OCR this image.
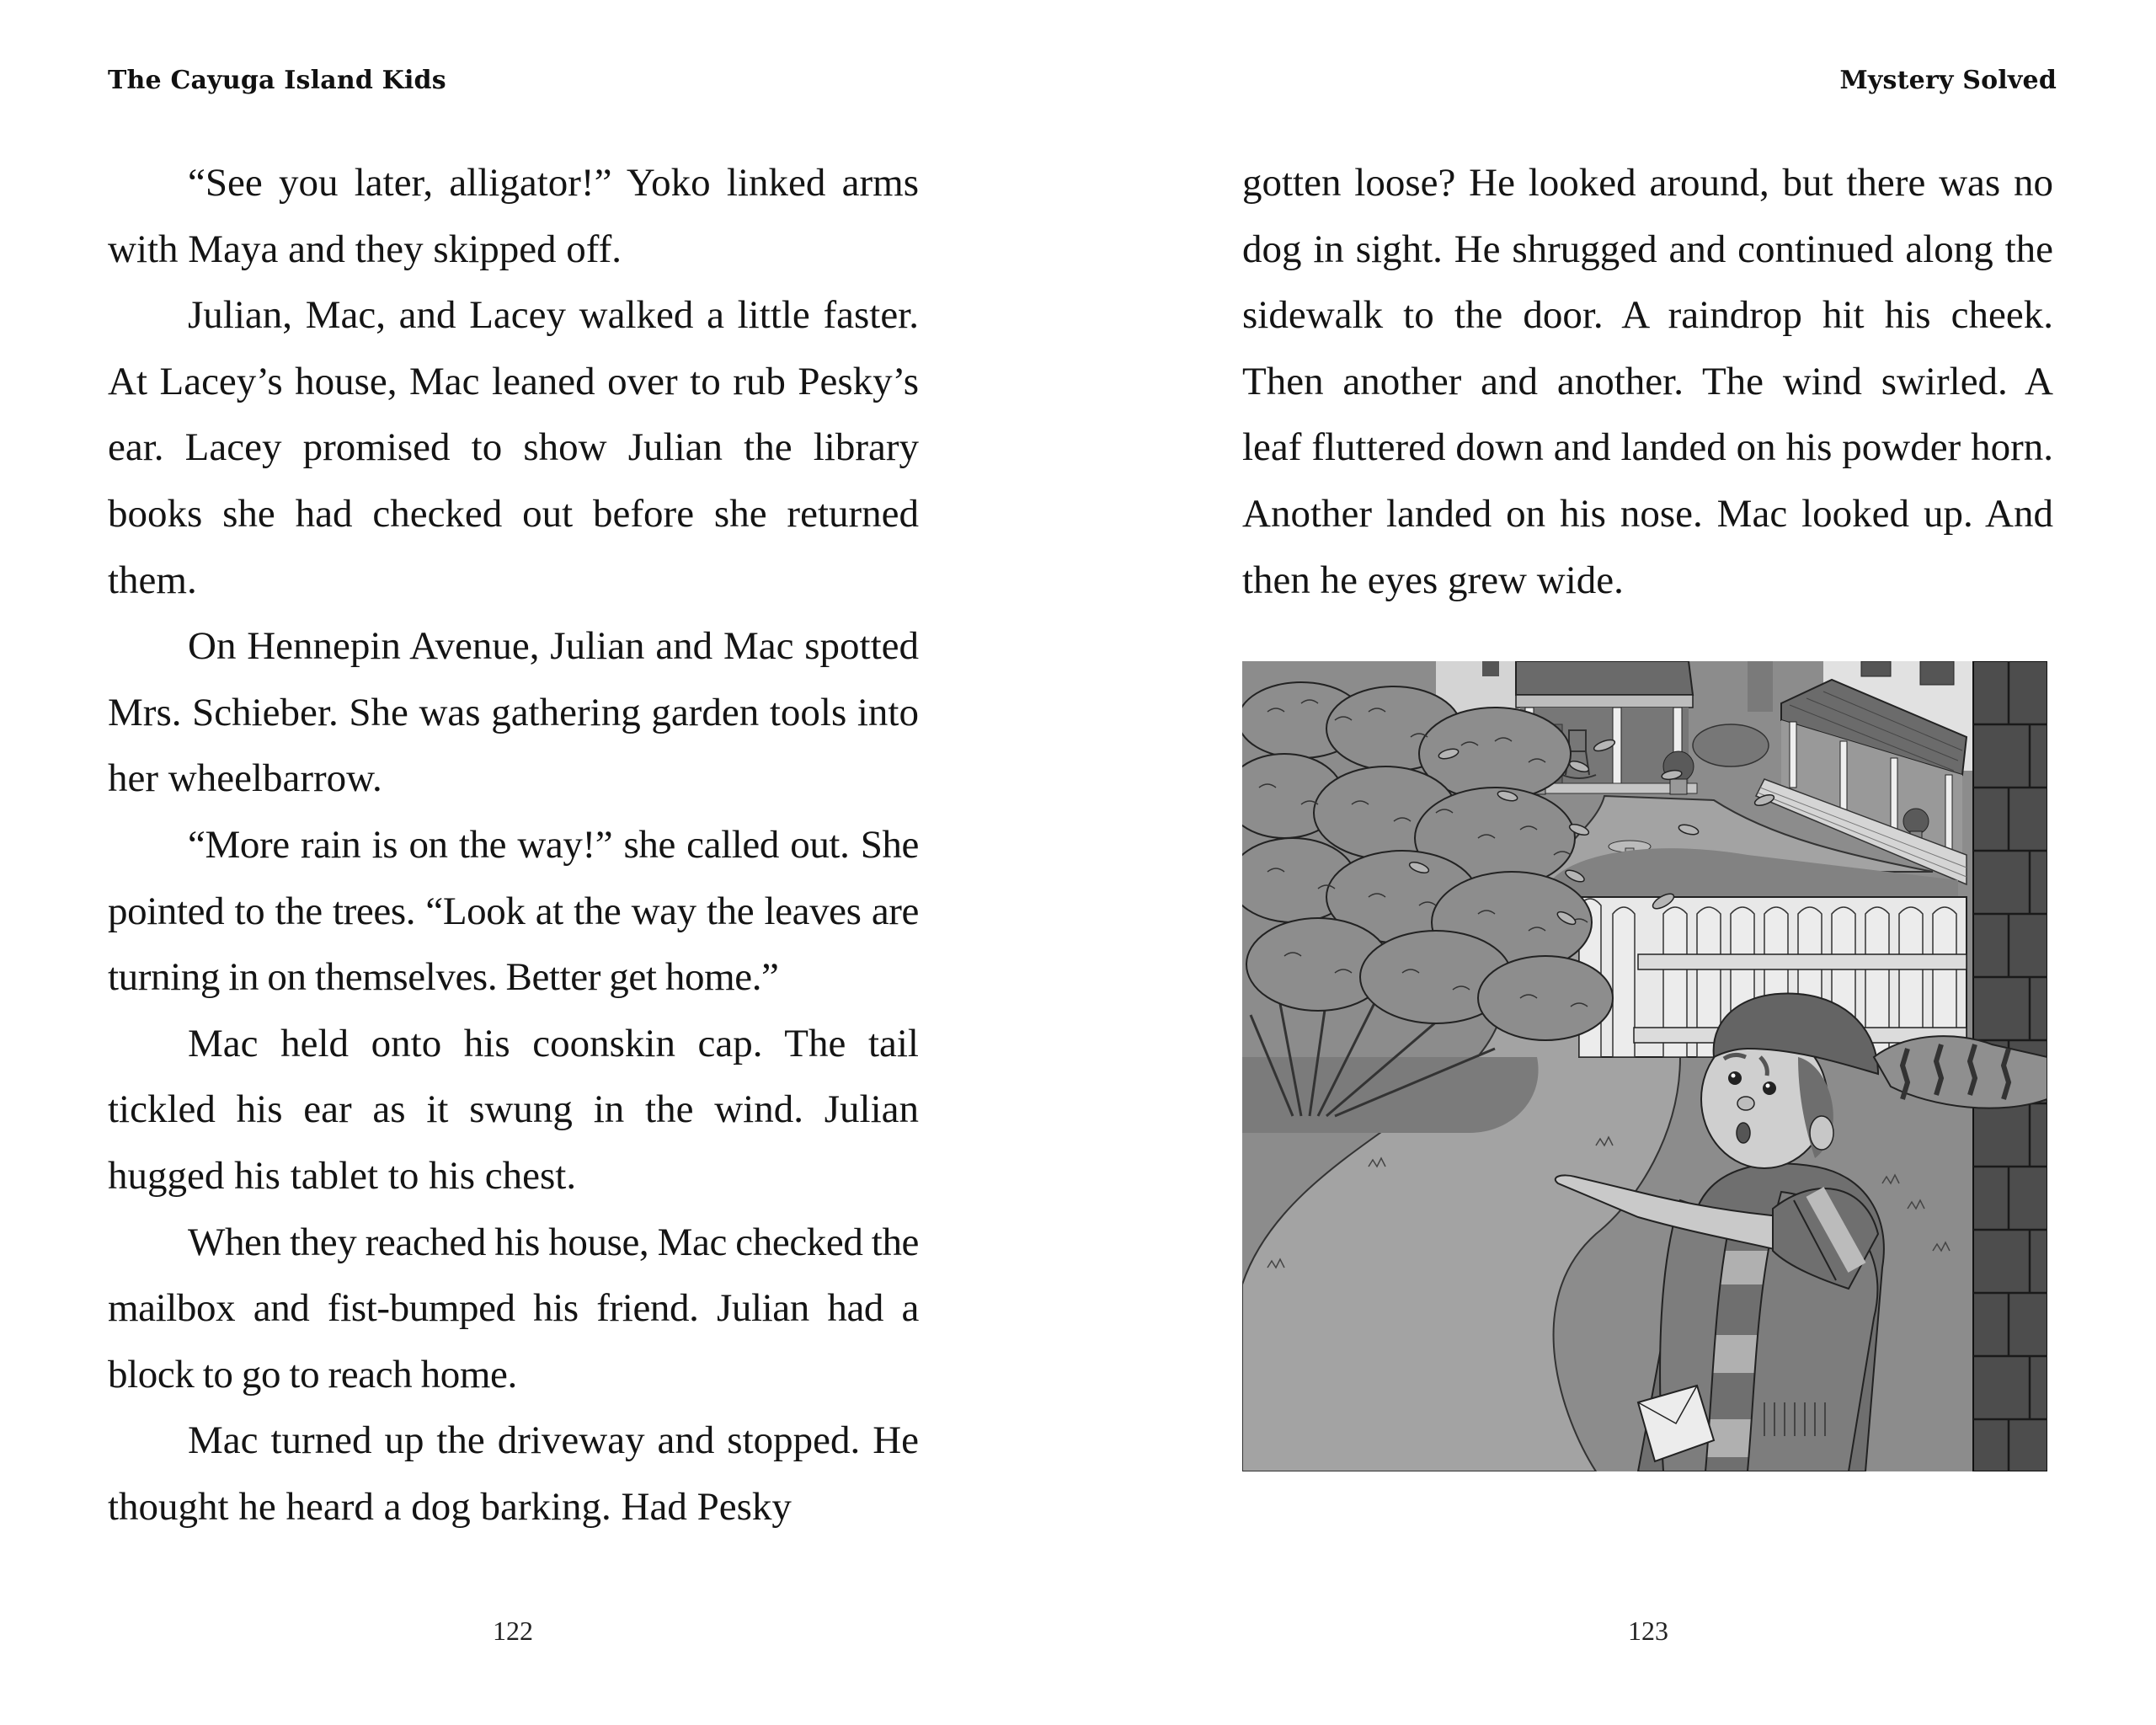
The Cayuga Island Kids

“See you later, alligator!” Yoko linked arms with Maya and they skipped off.

Julian, Mac, and Lacey walked a little faster. At Lacey’s house, Mac leaned over to rub Pesky’s ear. Lacey promised to show Julian the library books she had checked out before she returned them.

On Hennepin Avenue, Julian and Mac spotted Mrs. Schieber. She was gathering garden tools into her wheelbarrow.

“More rain is on the way!” she called out. She pointed to the trees. “Look at the way the leaves are turning in on themselves. Better get home.”

Mac held onto his coonskin cap. The tail tickled his ear as it swung in the wind. Julian hugged his tablet to his chest.

When they reached his house, Mac checked the mailbox and fist-bumped his friend. Julian had a block to go to reach home.

Mac turned up the driveway and stopped. He thought he heard a dog barking. Had Pesky

122
Mystery Solved

gotten loose? He looked around, but there was no dog in sight. He shrugged and continued along the sidewalk to the door. A raindrop hit his cheek. Then another and another. The wind swirled. A leaf fluttered down and landed on his powder horn. Another landed on his nose. Mac looked up. And then he eyes grew wide.

123
